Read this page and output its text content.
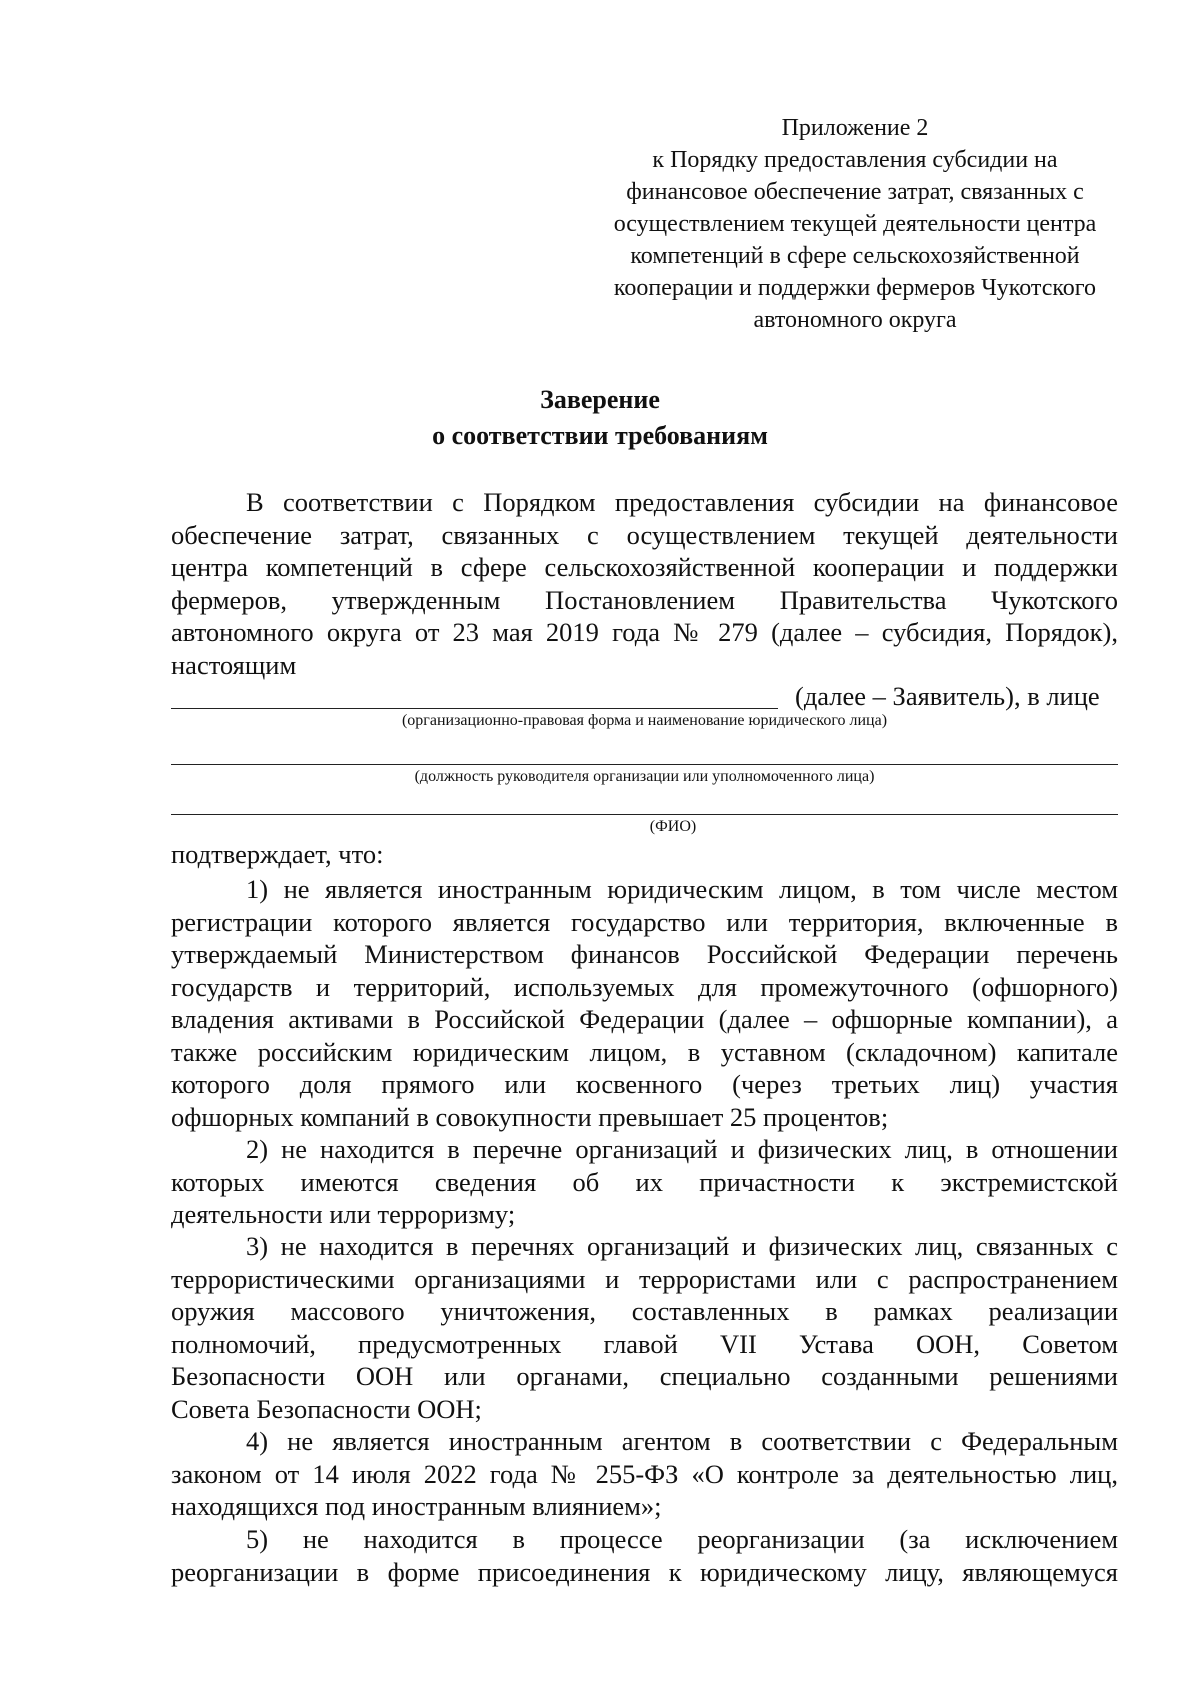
Приложение 2
к Порядку предоставления субсидии на
финансовое обеспечение затрат, связанных с
осуществлением текущей деятельности центра
компетенций в сфере сельскохозяйственной
кооперации и поддержки фермеров Чукотского
автономного округа
Заверение
о соответствии требованиям
В соответствии с Порядком предоставления субсидии на финансовое
обеспечение затрат, связанных с осуществлением текущей деятельности
центра компетенций в сфере сельскохозяйственной кооперации и поддержки
фермеров, утвержденным Постановлением Правительства Чукотского
автономного округа от 23 мая 2019 года № 279 (далее – субсидия, Порядок),
настоящим
(далее – Заявитель), в лице
(организационно-правовая форма и наименование юридического лица)
(должность руководителя организации или уполномоченного лица)
(ФИО)
подтверждает, что:
1) не является иностранным юридическим лицом, в том числе местом
регистрации которого является государство или территория, включенные в
утверждаемый Министерством финансов Российской Федерации перечень
государств и территорий, используемых для промежуточного (офшорного)
владения активами в Российской Федерации (далее – офшорные компании), а
также российским юридическим лицом, в уставном (складочном) капитале
которого доля прямого или косвенного (через третьих лиц) участия
офшорных компаний в совокупности превышает 25 процентов;
2) не находится в перечне организаций и физических лиц, в отношении
которых имеются сведения об их причастности к экстремистской
деятельности или терроризму;
3) не находится в перечнях организаций и физических лиц, связанных с
террористическими организациями и террористами или с распространением
оружия массового уничтожения, составленных в рамках реализации
полномочий, предусмотренных главой VII Устава ООН, Советом
Безопасности ООН или органами, специально созданными решениями
Совета Безопасности ООН;
4) не является иностранным агентом в соответствии с Федеральным
законом от 14 июля 2022 года № 255-ФЗ «О контроле за деятельностью лиц,
находящихся под иностранным влиянием»;
5) не находится в процессе реорганизации (за исключением
реорганизации в форме присоединения к юридическому лицу, являющемуся
